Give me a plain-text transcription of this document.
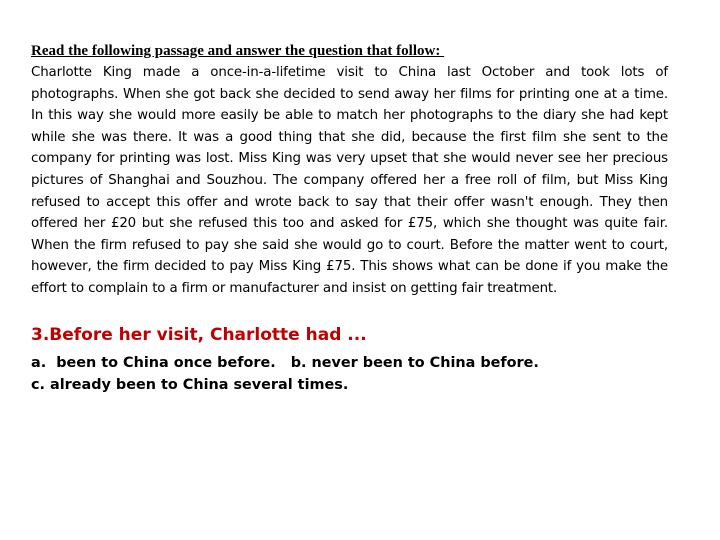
Read the following passage and answer the question that follow:

Charlotte King made a once-in-a-lifetime visit to China last October and took lots of photographs. When she got back she decided to send away her films for printing one at a time. In this way she would more easily be able to match her photographs to the diary she had kept while she was there. It was a good thing that she did, because the first film she sent to the company for printing was lost. Miss King was very upset that she would never see her precious pictures of Shanghai and Souzhou. The company offered her a free roll of film, but Miss King refused to accept this offer and wrote back to say that their offer wasn't enough. They then offered her £20 but she refused this too and asked for £75, which she thought was quite fair. When the firm refused to pay she said she would go to court. Before the matter went to court, however, the firm decided to pay Miss King £75. This shows what can be done if you make the effort to complain to a firm or manufacturer and insist on getting fair treatment.

3.Before her visit, Charlotte had ...
a.  been to China once before. b. never been to China before.
c. already been to China several times.
